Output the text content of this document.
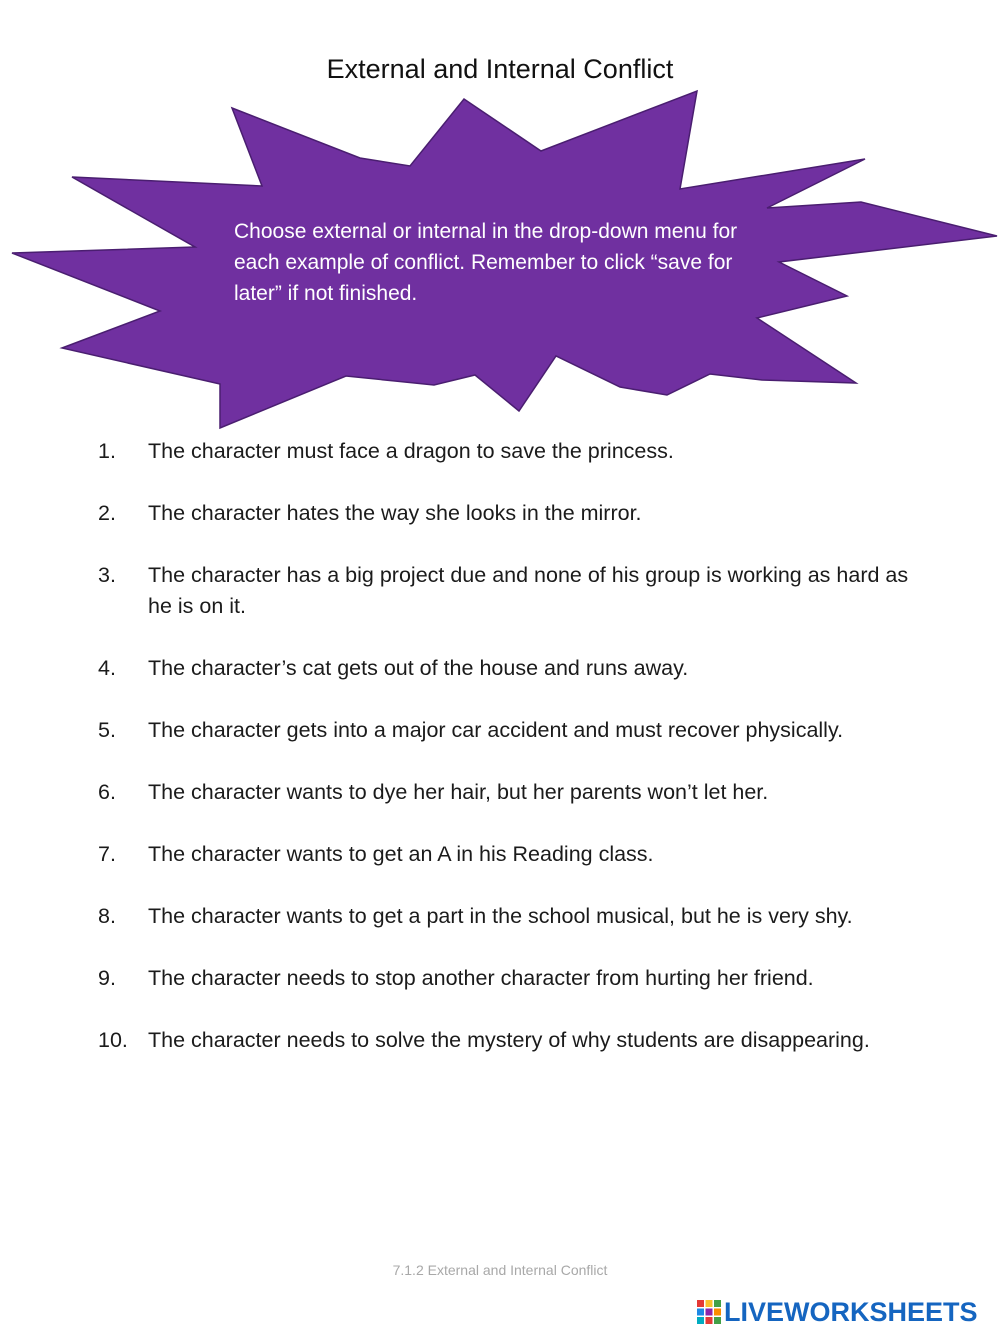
External and Internal Conflict
Choose external or internal in the drop-down menu for each example of conflict. Remember to click “save for later” if not finished.
1.	The character must face a dragon to save the princess.
2.	The character hates the way she looks in the mirror.
3.	The character has a big project due and none of his group is working as hard as he is on it.
4.	The character’s cat gets out of the house and runs away.
5.	The character gets into a major car accident and must recover physically.
6.	The character wants to dye her hair, but her parents won’t let her.
7.	The character wants to get an A in his Reading class.
8.	The character wants to get a part in the school musical, but he is very shy.
9.	The character needs to stop another character from hurting her friend.
10. The character needs to solve the mystery of why students are disappearing.
7.1.2 External and Internal Conflict
LIVEWORKSHEETS
